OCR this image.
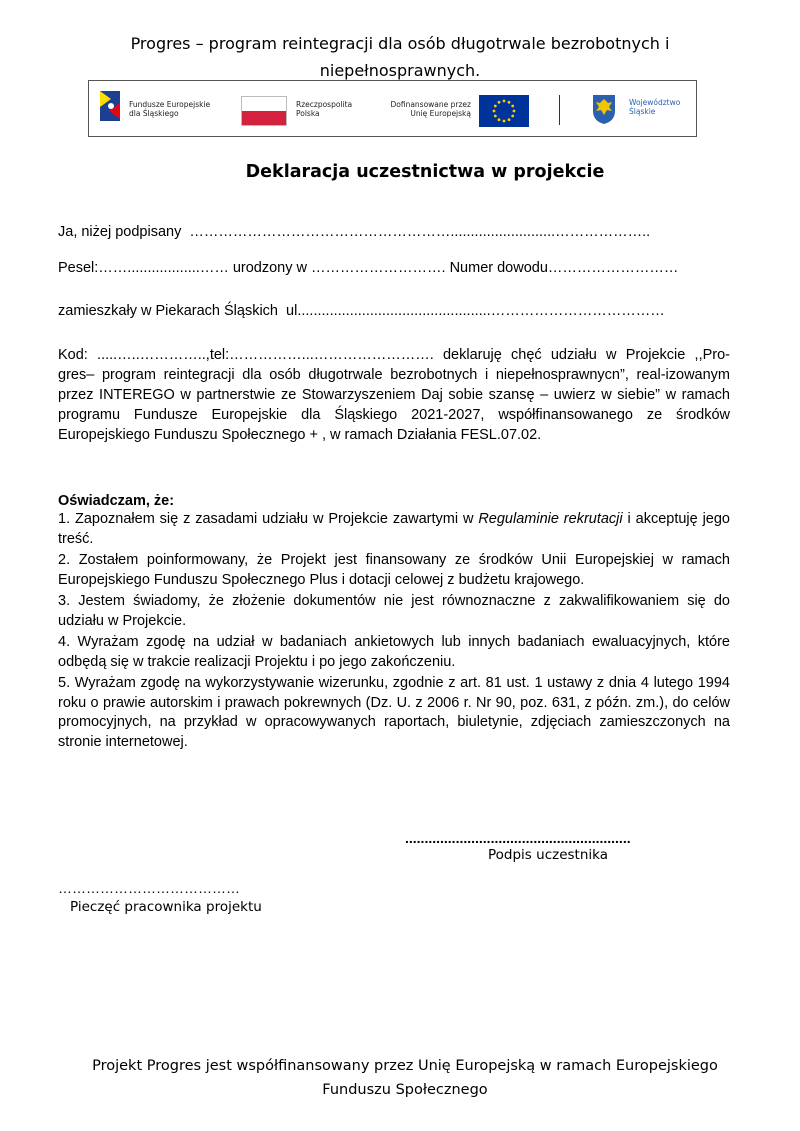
Progres – program reintegracji dla osób długotrwale bezrobotnych i
niepełnosprawnych.
Fundusze Europejskie
dla Śląskiego
Rzeczpospolita
Polska
Dofinansowane przez
Unię Europejską
Województwo
Śląskie
Deklaracja uczestnictwa w projekcie
Ja, niżej podpisany  ………………………………………………..........................………………..
Pesel:……..................…… urodzony w ………………………. Numer dowodu………………………
zamieszkały w Piekarach Śląskich  ul................................................………………………………
Kod: .....…..…………..,tel:……………...……………………. deklaruję chęć udziału w Projekcie ,,Pro-gres– program reintegracji dla osób długotrwale bezrobotnych i niepełnosprawnycn”, real-izowanym przez INTEREGO w partnerstwie ze Stowarzyszeniem Daj sobie szansę – uwierz w siebie” w ramach programu Fundusze Europejskie dla Śląskiego 2021-2027, współfinansowanego ze środków Europejskiego Funduszu Społecznego + , w ramach Działania FESL.07.02.
Oświadczam, że:
1. Zapoznałem się z zasadami udziału w Projekcie zawartymi w Regulaminie rekrutacji i akceptuję jego treść.
2. Zostałem poinformowany, że Projekt jest finansowany ze środków Unii Europejskiej w ramach Europejskiego Funduszu Społecznego Plus i dotacji celowej z budżetu krajowego.
3. Jestem świadomy, że złożenie dokumentów nie jest równoznaczne z zakwalifikowaniem się do udziału w Projekcie.
4. Wyrażam zgodę na udział w badaniach ankietowych lub innych badaniach ewaluacyjnych, które odbędą się w trakcie realizacji Projektu i po jego zakończeniu.
5. Wyrażam zgodę na wykorzystywanie wizerunku, zgodnie z art. 81 ust. 1 ustawy z dnia 4 lutego 1994 roku o prawie autorskim i prawach pokrewnych (Dz. U. z 2006 r. Nr 90, poz. 631, z późn. zm.), do celów promocyjnych, na przykład w opracowywanych raportach, biuletynie, zdjęciach zamieszczonych na stronie internetowej.
..........................................................
Podpis uczestnika
…………………………………
Pieczęć pracownika projektu
Projekt Progres jest współfinansowany przez Unię Europejską w ramach Europejskiego
Funduszu Społecznego
